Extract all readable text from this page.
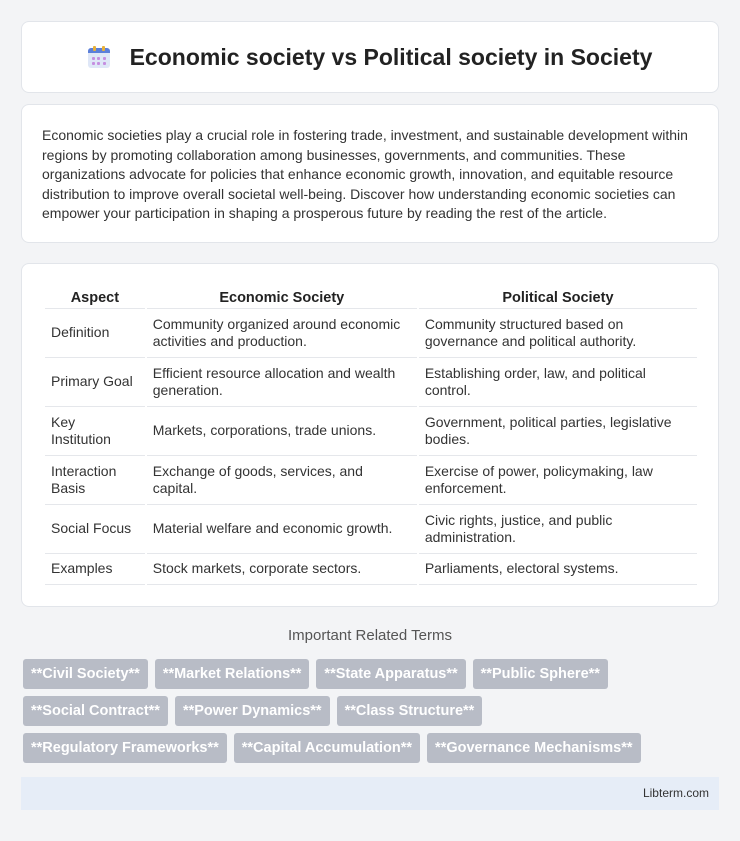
Economic society vs Political society in Society

Economic societies play a crucial role in fostering trade, investment, and sustainable development within regions by promoting collaboration among businesses, governments, and communities. These organizations advocate for policies that enhance economic growth, innovation, and equitable resource distribution to improve overall societal well-being. Discover how understanding economic societies can empower your participation in shaping a prosperous future by reading the rest of the article.

Aspect	Economic Society	Political Society
Definition	Community organized around economic activities and production.	Community structured based on governance and political authority.
Primary Goal	Efficient resource allocation and wealth generation.	Establishing order, law, and political control.
Key Institution	Markets, corporations, trade unions.	Government, political parties, legislative bodies.
Interaction Basis	Exchange of goods, services, and capital.	Exercise of power, policymaking, law enforcement.
Social Focus	Material welfare and economic growth.	Civic rights, justice, and public administration.
Examples	Stock markets, corporate sectors.	Parliaments, electoral systems.
Important Related Terms
**Civil Society**	**Market Relations**	**State Apparatus**	**Public Sphere**
**Social Contract**	**Power Dynamics**	**Class Structure**
**Regulatory Frameworks**	**Capital Accumulation**	**Governance Mechanisms**
Libterm.com
